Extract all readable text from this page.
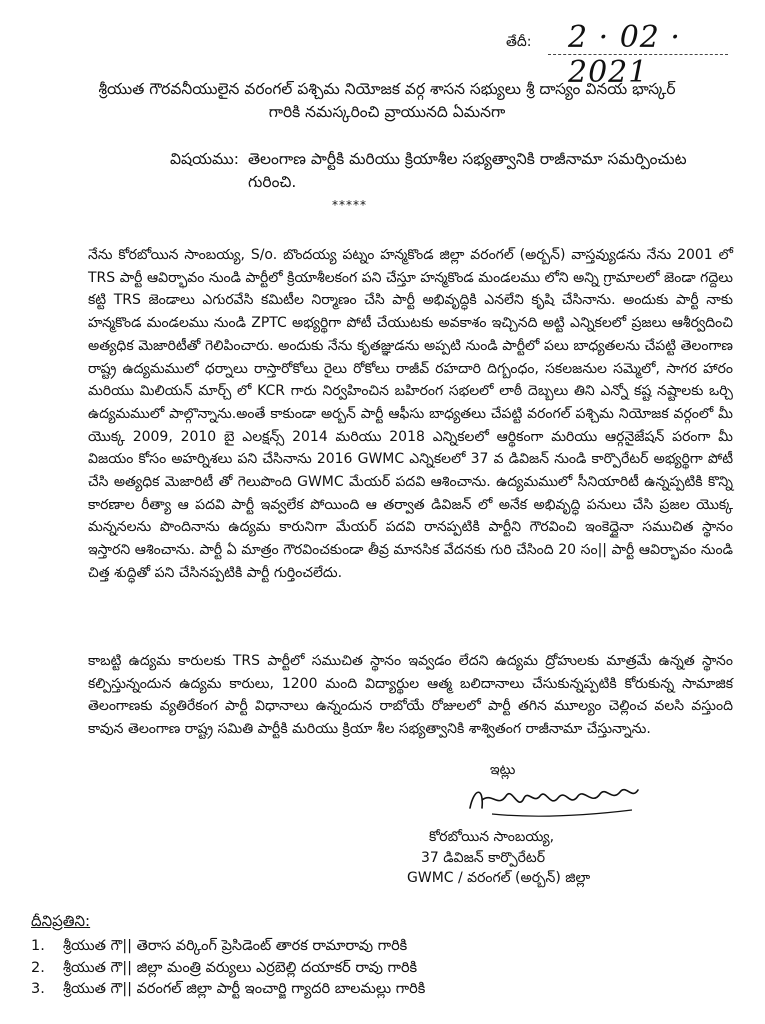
తేదీ: 2 · 02 · 2021
శ్రీయుత గౌరవనీయులైన వరంగల్ పశ్చిమ నియోజక వర్గ శాసన సభ్యులు శ్రీ దాస్యం వినయ భాస్కర్
గారికి నమస్కరించి వ్రాయునది ఏమనగా
విషయము: తెలంగాణ పార్టీకి మరియు క్రియాశీల సభ్యత్వానికి రాజీనామా సమర్పించుట గురించి.
*****

నేను కోరబోయిన సాంబయ్య, S/o. బొందయ్య పట్నం హన్మకొండ జిల్లా వరంగల్ (అర్బన్) వాస్తవ్యుడను నేను 2001 లో TRS పార్టీ ఆవిర్భావం నుండి పార్టీలో క్రియాశీలకంగ పని చేస్తూ హన్మకొండ మండలము లోని అన్ని గ్రామాలలో జెండా గద్దెలు కట్టి TRS జెండాలు ఎగురవేసి కమిటీల నిర్మాణం చేసి పార్టీ అభివృద్ధికి ఎనలేని కృషి చేసినాను. అందుకు పార్టీ నాకు హన్మకొండ మండలము నుండి ZPTC అభ్యర్థిగా పోటీ చేయుటకు అవకాశం ఇచ్చినది అట్టి ఎన్నికలలో ప్రజలు ఆశీర్వదించి అత్యధిక మెజారిటీతో గెలిపించారు. అందుకు నేను కృతజ్ఞుడను అప్పటి నుండి పార్టీలో పలు బాధ్యతలను చేపట్టి తెలంగాణ రాష్ట్ర ఉద్యమములో ధర్నాలు రాస్తారోకోలు రైలు రోకోలు రాజీవ్ రహదారి దిగ్బంధం, సకలజనుల సమ్మెలో, సాగర హారం మరియు మిలియన్ మార్చ్ లో KCR గారు నిర్వహించిన బహిరంగ సభలలో లాఠీ దెబ్బలు తిని ఎన్నో కష్ట నష్టాలకు ఒర్చి ఉద్యమములో పాల్గొన్నాను.అంతే కాకుండా అర్బన్ పార్టీ ఆఫీసు బాధ్యతలు చేపట్టి వరంగల్ పశ్చిమ నియోజక వర్గంలో మీ యొక్క 2009, 2010 బై ఎలక్షన్స్ 2014 మరియు 2018 ఎన్నికలలో ఆర్థికంగా మరియు ఆర్గనైజేషన్ పరంగా మీ విజయం కోసం అహర్నిశలు పని చేసినాను 2016 GWMC ఎన్నికలలో 37 వ డివిజన్ నుండి కార్పొరేటర్ అభ్యర్థిగా పోటీ చేసి అత్యధిక మెజారిటీ తో గెలుపొంది GWMC మేయర్ పదవి ఆశించాను. ఉద్యమములో సీనియారిటీ ఉన్నప్పటికి కొన్ని కారణాల రీత్యా ఆ పదవి పార్టీ ఇవ్వలేక పోయింది ఆ తర్వాత డివిజన్ లో అనేక అభివృద్ధి పనులు చేసి ప్రజల యొక్క మన్ననలను పొందినాను ఉద్యమ కారునిగా మేయర్ పదవి రానప్పటికి పార్టీని గౌరవించి ఇంకెద్దైనా సముచిత స్థానం ఇస్తారని ఆశించాను. పార్టీ ఏ మాత్రం గౌరవించకుండా తీవ్ర మానసిక వేదనకు గురి చేసింది 20 సం|| పార్టీ ఆవిర్భావం నుండి చిత్త శుద్ధితో పని చేసినప్పటికి పార్టీ గుర్తించలేదు.

కాబట్టి ఉద్యమ కారులకు TRS పార్టీలో సముచిత స్థానం ఇవ్వడం లేదని ఉద్యమ ద్రోహులకు మాత్రమే ఉన్నత స్థానం కల్పిస్తున్నందున ఉద్యమ కారులు, 1200 మంది విద్యార్థుల ఆత్మ బలిదానాలు చేసుకున్నప్పటికి కోరుకున్న సామాజిక తెలంగాణకు వ్యతిరేకంగ పార్టీ విధానాలు ఉన్నందున రాబోయే రోజులలో పార్టీ తగిన మూల్యం చెల్లించ వలసి వస్తుంది కావున తెలంగాణ రాష్ట్ర సమితి పార్టీకి మరియు క్రియా శీల సభ్యత్వానికి శాశ్వితంగ రాజీనామా చేస్తున్నాను.

ఇట్లు
కోరబోయిన సాంబయ్య,
37 డివిజన్ కార్పొరేటర్
GWMC / వరంగల్ (అర్బన్) జిల్లా
దీనిప్రతిని:
1.	శ్రీయుత గౌ|| తెరాస వర్కింగ్ ప్రెసిడెంట్ తారక రామారావు గారికి
2.	శ్రీయుత గౌ|| జిల్లా మంత్రి వర్యులు ఎర్రబెల్లి దయాకర్ రావు గారికి
3.	శ్రీయుత గౌ|| వరంగల్ జిల్లా పార్టీ ఇంచార్జి గ్యాదరి బాలమల్లు గారికి
